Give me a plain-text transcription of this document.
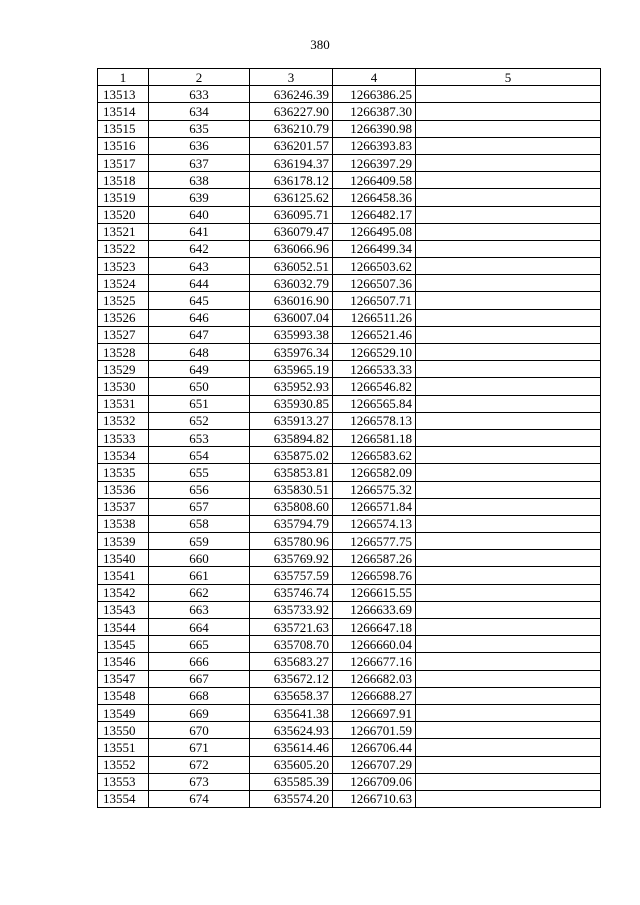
380
1	2	3	4	5
13513	633	636246.39	1266386.25	
13514	634	636227.90	1266387.30	
13515	635	636210.79	1266390.98	
13516	636	636201.57	1266393.83	
13517	637	636194.37	1266397.29	
13518	638	636178.12	1266409.58	
13519	639	636125.62	1266458.36	
13520	640	636095.71	1266482.17	
13521	641	636079.47	1266495.08	
13522	642	636066.96	1266499.34	
13523	643	636052.51	1266503.62	
13524	644	636032.79	1266507.36	
13525	645	636016.90	1266507.71	
13526	646	636007.04	1266511.26	
13527	647	635993.38	1266521.46	
13528	648	635976.34	1266529.10	
13529	649	635965.19	1266533.33	
13530	650	635952.93	1266546.82	
13531	651	635930.85	1266565.84	
13532	652	635913.27	1266578.13	
13533	653	635894.82	1266581.18	
13534	654	635875.02	1266583.62	
13535	655	635853.81	1266582.09	
13536	656	635830.51	1266575.32	
13537	657	635808.60	1266571.84	
13538	658	635794.79	1266574.13	
13539	659	635780.96	1266577.75	
13540	660	635769.92	1266587.26	
13541	661	635757.59	1266598.76	
13542	662	635746.74	1266615.55	
13543	663	635733.92	1266633.69	
13544	664	635721.63	1266647.18	
13545	665	635708.70	1266660.04	
13546	666	635683.27	1266677.16	
13547	667	635672.12	1266682.03	
13548	668	635658.37	1266688.27	
13549	669	635641.38	1266697.91	
13550	670	635624.93	1266701.59	
13551	671	635614.46	1266706.44	
13552	672	635605.20	1266707.29	
13553	673	635585.39	1266709.06	
13554	674	635574.20	1266710.63	
